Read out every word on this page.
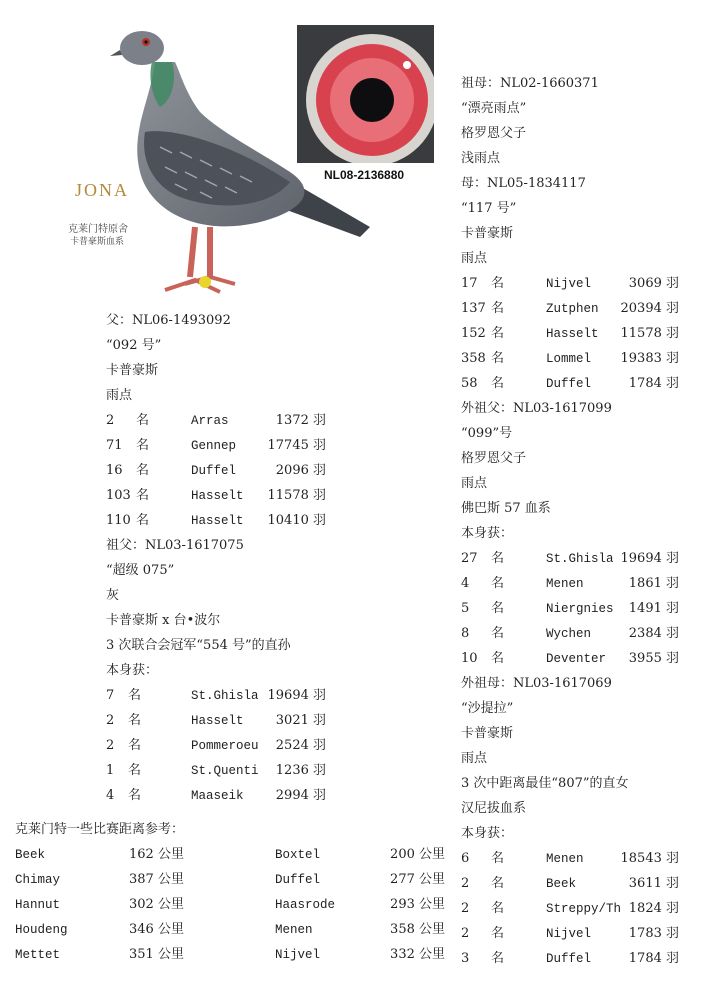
JONA
克莱门特原舍
卡普豪斯血系
NL08-2136880
父：NL06-1493092
“092 号”
卡普豪斯
雨点
2 名	Arras	1372 羽
71 名	Gennep 17745 羽
16 名	Duffel	2096 羽
103 名	Hasselt 11578 羽
110 名	Hasselt 10410 羽
祖父：NL03-1617075
“超级 075”
灰
卡普豪斯 x 台•波尔
3 次联合会冠军“554 号”的直孙
本身获：
7 名	St.Ghisla 19694 羽
2 名	Hasselt 3021 羽
2 名	Pommeroeu 2524 羽
1 名	St.Quenti 1236 羽
4 名	Maaseik 2994 羽
克莱门特一些比赛距离参考：
Beek	162 公里	Boxtel	200 公里
Chimay	387 公里	Duffel	277 公里
Hannut	302 公里	Haasrode	293 公里
Houdeng	346 公里	Menen	358 公里
Mettet	351 公里	Nijvel	332 公里
祖母：NL02-1660371
“漂亮雨点”
格罗恩父子
浅雨点
母：NL05-1834117
“117 号”
卡普豪斯
雨点
17 名	Nijvel	3069 羽
137 名	Zutphen 20394 羽
152 名	Hasselt 11578 羽
358 名	Lommel 19383 羽
58 名	Duffel	1784 羽
外祖父：NL03-1617099
“099”号
格罗恩父子
雨点
佛巴斯 57 血系
本身获：
27 名	St.Ghisla 19694 羽
4 名	Menen	1861 羽
5 名	Niergnies 1491 羽
8 名	Wychen	2384 羽
10 名	Deventer 3955 羽
外祖母：NL03-1617069
“沙提拉”
卡普豪斯
雨点
3 次中距离最佳“807”的直女
汉尼拔血系
本身获：
6 名	Menen	18543 羽
2 名	Beek	3611 羽
2 名	Streppy/Th 1824 羽
2 名	Nijvel	1783 羽
3 名	Duffel	1784 羽
